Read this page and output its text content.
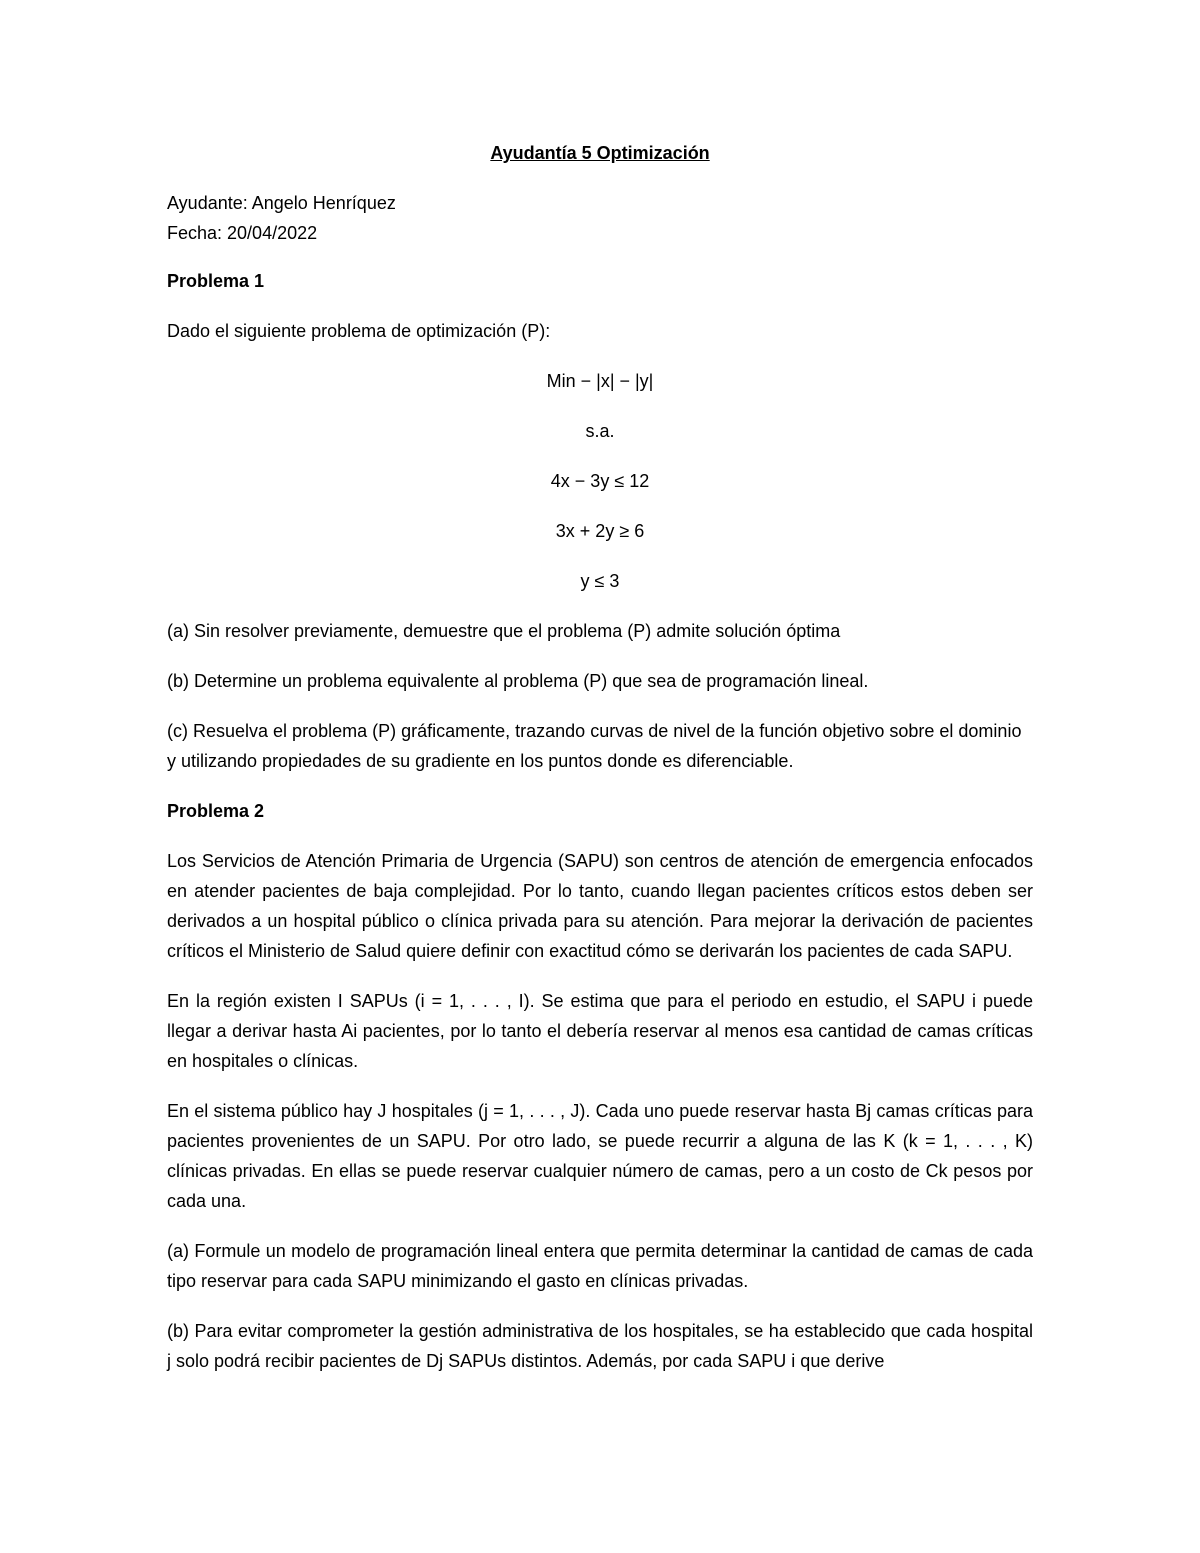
Ayudantía 5 Optimización
Ayudante: Angelo Henríquez
Fecha: 20/04/2022
Problema 1
Dado el siguiente problema de optimización (P):
Min − |x| − |y|
s.a.
4x − 3y ≤ 12
3x + 2y ≥ 6
y ≤ 3
(a) Sin resolver previamente, demuestre que el problema (P) admite solución óptima
(b) Determine un problema equivalente al problema (P) que sea de programación lineal.
(c) Resuelva el problema (P) gráficamente, trazando curvas de nivel de la función objetivo sobre el dominio y utilizando propiedades de su gradiente en los puntos donde es diferenciable.
Problema 2
Los Servicios de Atención Primaria de Urgencia (SAPU) son centros de atención de emergencia enfocados en atender pacientes de baja complejidad. Por lo tanto, cuando llegan pacientes críticos estos deben ser derivados a un hospital público o clínica privada para su atención. Para mejorar la derivación de pacientes críticos el Ministerio de Salud quiere definir con exactitud cómo se derivarán los pacientes de cada SAPU.
En la región existen I SAPUs (i = 1, . . . , I). Se estima que para el periodo en estudio, el SAPU i puede llegar a derivar hasta Ai pacientes, por lo tanto el debería reservar al menos esa cantidad de camas críticas en hospitales o clínicas.
En el sistema público hay J hospitales (j = 1, . . . , J). Cada uno puede reservar hasta Bj camas críticas para pacientes provenientes de un SAPU. Por otro lado, se puede recurrir a alguna de las K (k = 1, . . . , K) clínicas privadas. En ellas se puede reservar cualquier número de camas, pero a un costo de Ck pesos por cada una.
(a) Formule un modelo de programación lineal entera que permita determinar la cantidad de camas de cada tipo reservar para cada SAPU minimizando el gasto en clínicas privadas.
(b) Para evitar comprometer la gestión administrativa de los hospitales, se ha establecido que cada hospital j solo podrá recibir pacientes de Dj SAPUs distintos. Además, por cada SAPU i que derive
